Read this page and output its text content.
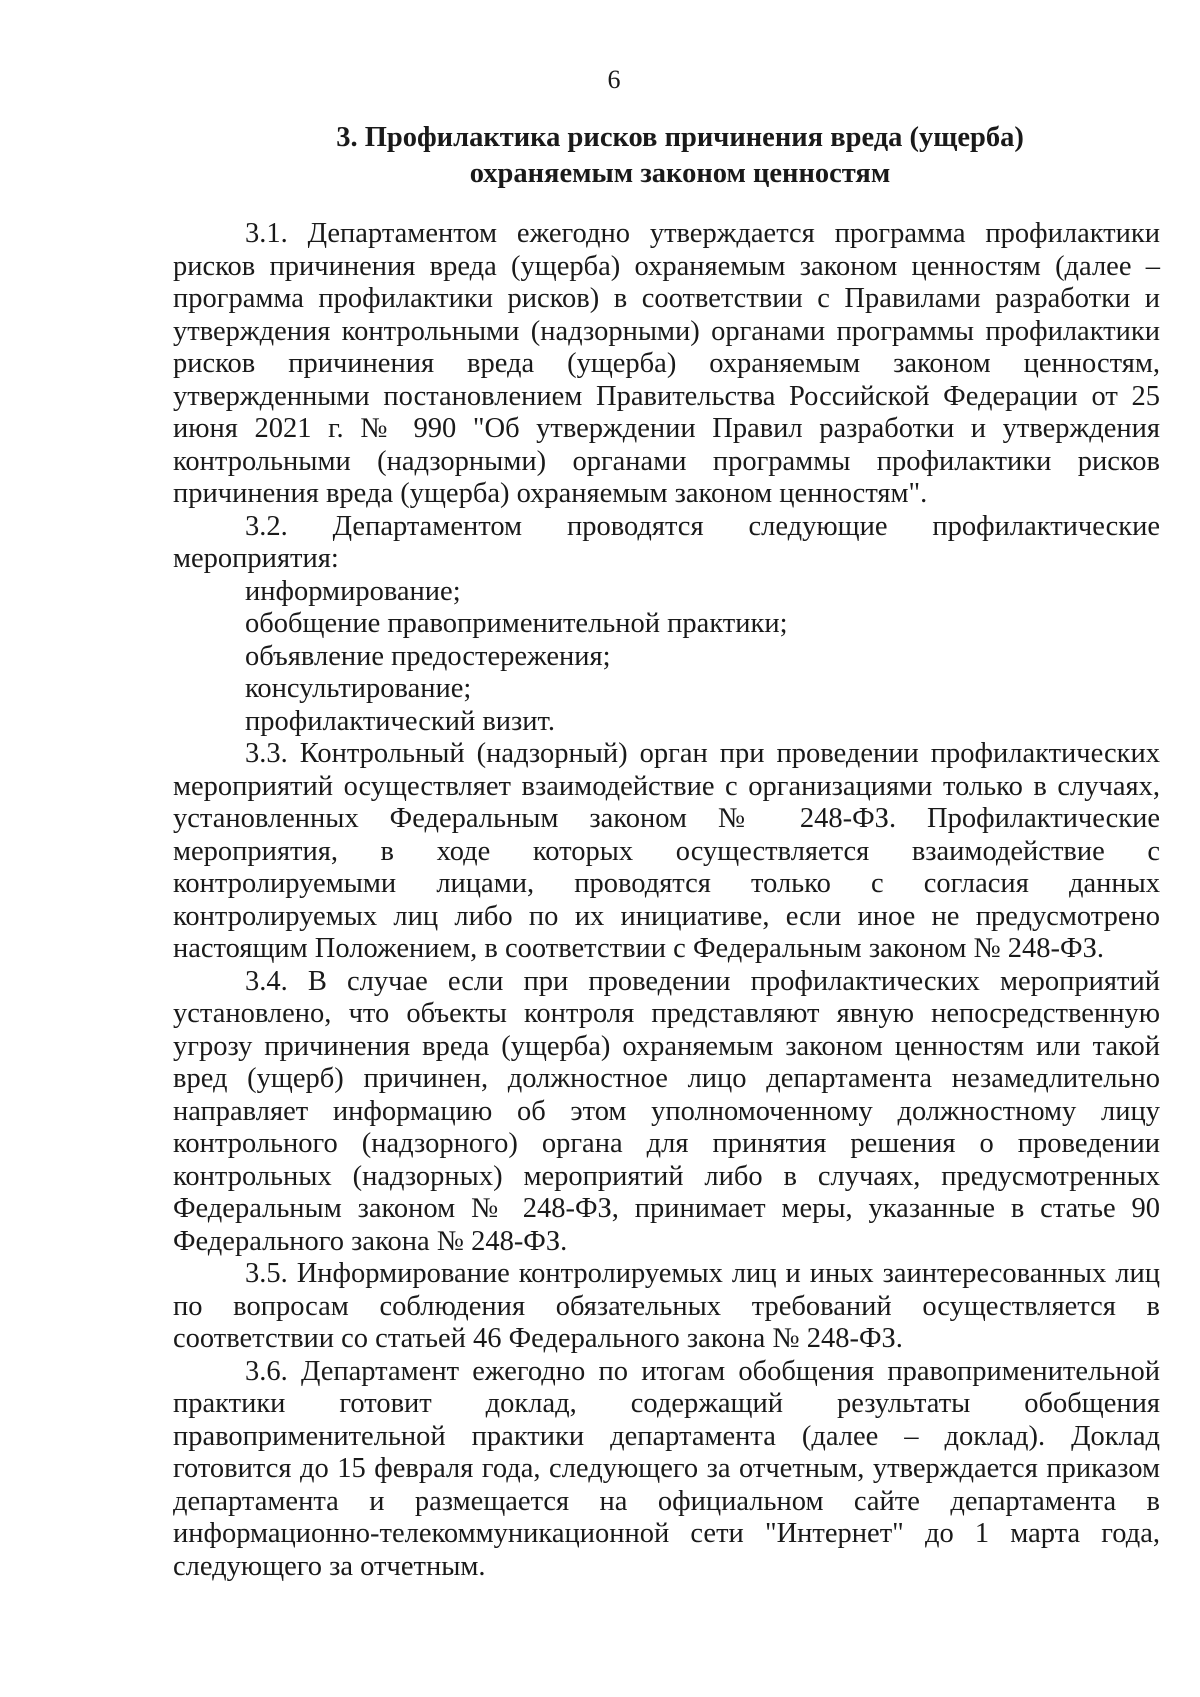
6
3. Профилактика рисков причинения вреда (ущерба)
охраняемым законом ценностям

3.1. Департаментом ежегодно утверждается программа профилактики рисков причинения вреда (ущерба) охраняемым законом ценностям (далее – программа профилактики рисков) в соответствии с Правилами разработки и утверждения контрольными (надзорными) органами программы профилактики рисков причинения вреда (ущерба) охраняемым законом ценностям, утвержденными постановлением Правительства Российской Федерации от 25 июня 2021 г. № 990 "Об утверждении Правил разработки и утверждения контрольными (надзорными) органами программы профилактики рисков причинения вреда (ущерба) охраняемым законом ценностям".

3.2. Департаментом проводятся следующие профилактические мероприятия:

информирование;

обобщение правоприменительной практики;

объявление предостережения;

консультирование;

профилактический визит.

3.3. Контрольный (надзорный) орган при проведении профилактических мероприятий осуществляет взаимодействие с организациями только в случаях, установленных Федеральным законом № 248-ФЗ. Профилактические мероприятия, в ходе которых осуществляется взаимодействие с контролируемыми лицами, проводятся только с согласия данных контролируемых лиц либо по их инициативе, если иное не предусмотрено настоящим Положением, в соответствии с Федеральным законом № 248-ФЗ.

3.4. В случае если при проведении профилактических мероприятий установлено, что объекты контроля представляют явную непосредственную угрозу причинения вреда (ущерба) охраняемым законом ценностям или такой вред (ущерб) причинен, должностное лицо департамента незамедлительно направляет информацию об этом уполномоченному должностному лицу контрольного (надзорного) органа для принятия решения о проведении контрольных (надзорных) мероприятий либо в случаях, предусмотренных Федеральным законом № 248-ФЗ, принимает меры, указанные в статье 90 Федерального закона № 248-ФЗ.

3.5. Информирование контролируемых лиц и иных заинтересованных лиц по вопросам соблюдения обязательных требований осуществляется в соответствии со статьей 46 Федерального закона № 248-ФЗ.

3.6. Департамент ежегодно по итогам обобщения правоприменительной практики готовит доклад, содержащий результаты обобщения правоприменительной практики департамента (далее – доклад). Доклад готовится до 15 февраля года, следующего за отчетным, утверждается приказом департамента и размещается на официальном сайте департамента в информационно-телекоммуникационной сети "Интернет" до 1 марта года, следующего за отчетным.
